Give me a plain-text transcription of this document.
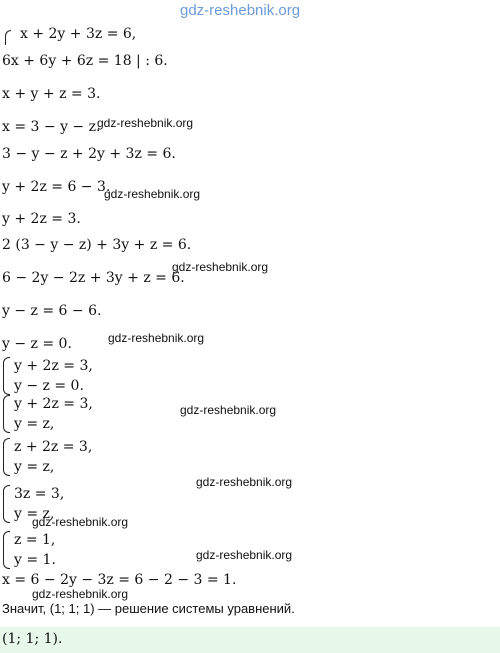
gdz-reshebnik.org
x + 2y + 3z = 6,
6x + 6y + 6z = 18 | : 6.
x + y + z = 3.
x = 3 − y − z.
gdz-reshebnik.org
3 − y − z + 2y + 3z = 6.
y + 2z = 6 − 3.
gdz-reshebnik.org
y + 2z = 3.
2 (3 − y − z) + 3y + z = 6.
6 − 2y − 2z + 3y + z = 6.
gdz-reshebnik.org
y − z = 6 − 6.
y − z = 0.	gdz-reshebnik.org
y + 2z = 3,
y − z = 0.
y + 2z = 3,
y = z,
gdz-reshebnik.org
z + 2z = 3,
y = z,
gdz-reshebnik.org
3z = 3,
y = z,
gdz-reshebnik.org
z = 1,
y = 1.	gdz-reshebnik.org
x = 6 − 2y − 3z = 6 − 2 − 3 = 1.
gdz-reshebnik.org
Значит, (1; 1; 1) — решение системы уравнений.
(1; 1; 1).
